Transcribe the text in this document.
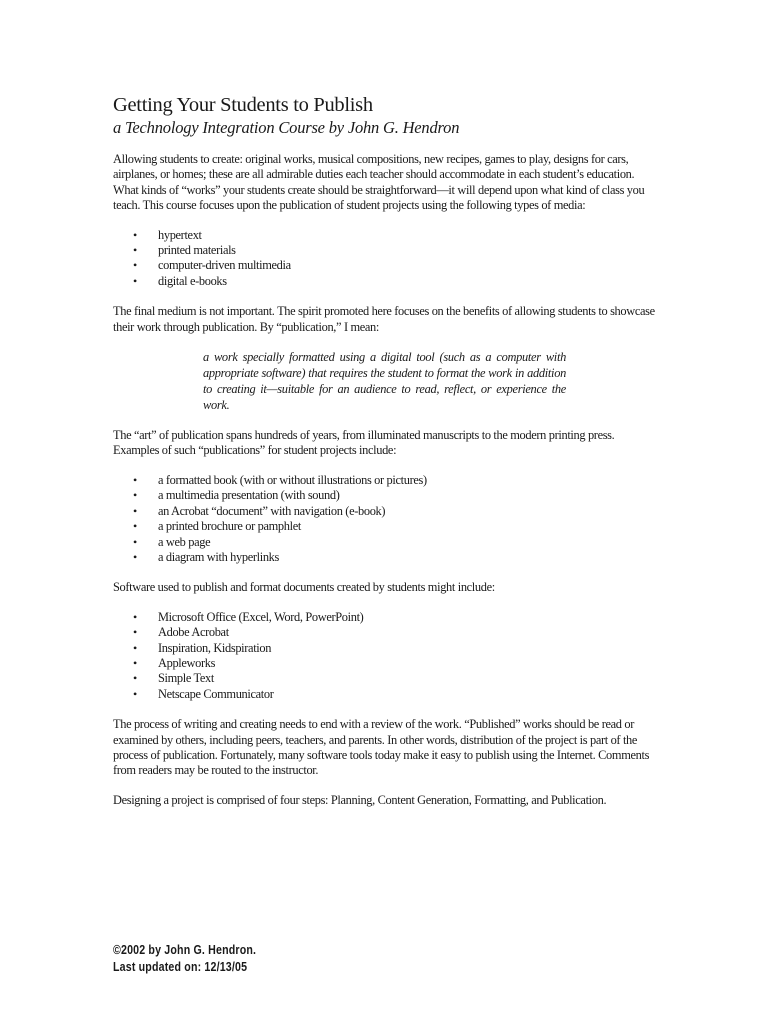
Getting Your Students to Publish
a Technology Integration Course by John G. Hendron

Allowing students to create: original works, musical compositions, new recipes, games to play, designs for cars, airplanes, or homes; these are all admirable duties each teacher should accommodate in each student’s education. What kinds of “works” your students create should be straightforward—it will depend upon what kind of class you teach. This course focuses upon the publication of student projects using the following types of media:

• hypertext
• printed materials
• computer-driven multimedia
• digital e-books

The final medium is not important. The spirit promoted here focuses on the benefits of allowing students to showcase their work through publication. By “publication,” I mean:

a work specially formatted using a digital tool (such as a computer with appropriate software) that requires the student to format the work in addition to creating it—suitable for an audience to read, reflect, or experience the work.

The “art” of publication spans hundreds of years, from illuminated manuscripts to the modern printing press. Examples of such “publications” for student projects include:

• a formatted book (with or without illustrations or pictures)
• a multimedia presentation (with sound)
• an Acrobat “document” with navigation (e-book)
• a printed brochure or pamphlet
• a web page
• a diagram with hyperlinks

Software used to publish and format documents created by students might include:

• Microsoft Office (Excel, Word, PowerPoint)
• Adobe Acrobat
• Inspiration, Kidspiration
• Appleworks
• Simple Text
• Netscape Communicator

The process of writing and creating needs to end with a review of the work. “Published” works should be read or examined by others, including peers, teachers, and parents. In other words, distribution of the project is part of the process of publication. Fortunately, many software tools today make it easy to publish using the Internet. Comments from readers may be routed to the instructor.

Designing a project is comprised of four steps: Planning, Content Generation, Formatting, and Publication.

©2002 by John G. Hendron.
Last updated on: 12/13/05
